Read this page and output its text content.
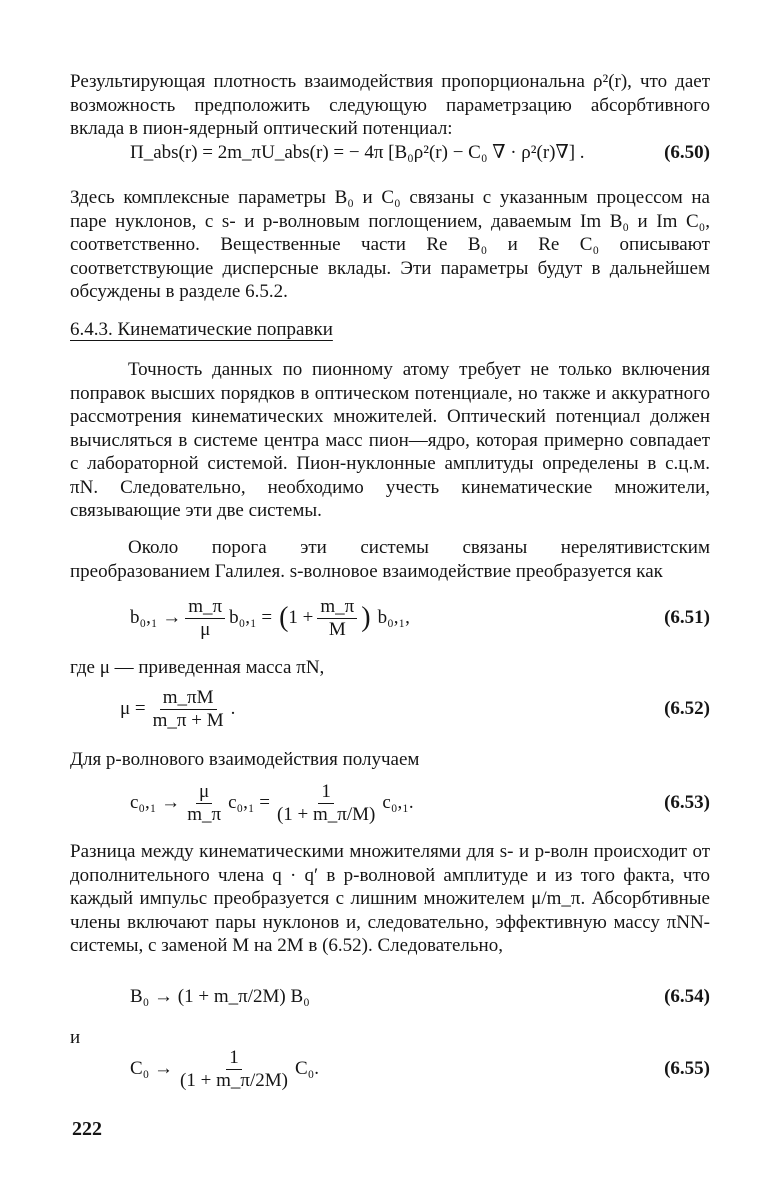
Результирующая плотность взаимодействия пропорциональна ρ²(r), что дает возможность предположить следующую параметрзацию абсорбтивного вклада в пион-ядерный оптический потенциал:
Π_abs(r) = 2m_πU_abs(r) = − 4π [B₀ρ²(r) − C₀ ∇ · ρ²(r)∇] .	(6.50)
Здесь комплексные параметры B₀ и C₀ связаны с указанным процессом на паре нуклонов, с s- и p-волновым поглощением, даваемым Im B₀ и Im C₀, соответственно. Вещественные части Re B₀ и Re C₀ описывают соответствующие дисперсные вклады. Эти параметры будут в дальнейшем обсуждены в разделе 6.5.2.
6.4.3. Кинематические поправки
Точность данных по пионному атому требует не только включения поправок высших порядков в оптическом потенциале, но также и аккуратного рассмотрения кинематических множителей. Оптический потенциал должен вычисляться в системе центра масс пион—ядро, которая примерно совпадает с лабораторной системой. Пион-нуклонные амплитуды определены в с.ц.м. πN. Следовательно, необходимо учесть кинематические множители, связывающие эти две системы.
Около порога эти системы связаны нерелятивистским преобразованием Галилея. s-волновое взаимодействие преобразуется как
$b_0,_1 \to \frac{m\_\pi}{\mu} b_0,_1$ = ( $1 + \frac{m\_\pi}{M}$ ) b₀,₁,	(6.51)
где μ — приведенная масса πN,
$\mu = \frac{m\_\pi M}{m\_\pi + M}$ .	(6.52)
Для p-волнового взаимодействия получаем
$c_0,_1 \to \frac{\mu}{m\_\pi} c_0,_1 = \frac{1}{(1 + m\_\pi/M)} c_0,_1$.	(6.53)
Разница между кинематическими множителями для s- и p-волн происходит от дополнительного члена q · q′ в p-волновой амплитуде и из того факта, что каждый импульс преобразуется с лишним множителем μ/m_π. Абсорбтивные члены включают пары нуклонов и, следовательно, эффективную массу πNN-системы, с заменой M на 2M в (6.52). Следовательно,
B₀ → (1 + m_π/2M) B₀	(6.54)
и
$C_0 \to \frac{1}{(1 + m\_\pi/2M)} C_0$.	(6.55)
222
